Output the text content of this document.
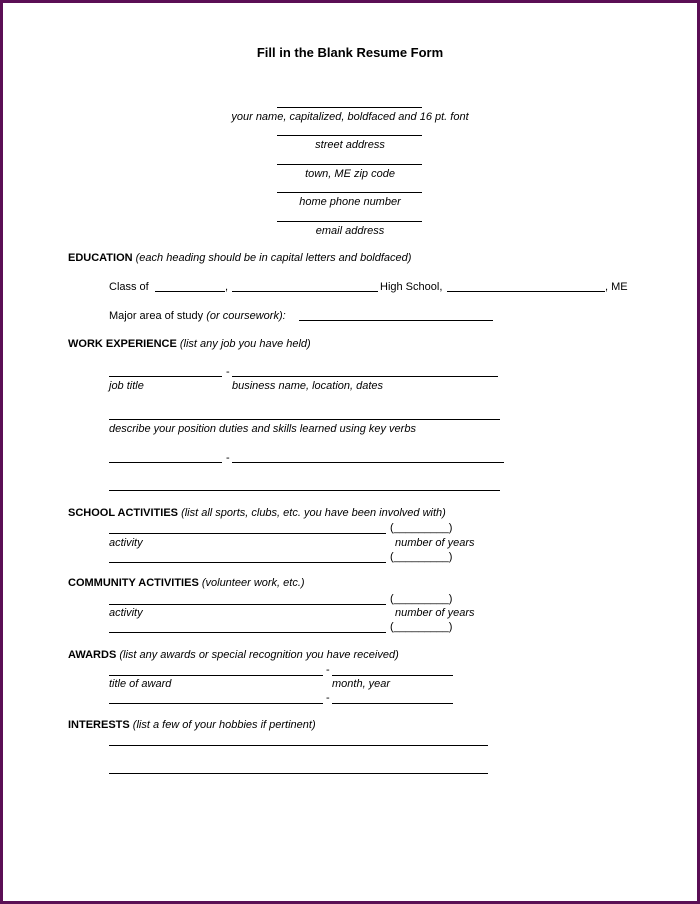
Fill in the Blank Resume Form
your name, capitalized, boldfaced and 16 pt. font
street address
town, ME zip code
home phone number
email address
EDUCATION (each heading should be in capital letters and boldfaced)
Class of	,	High School,	, ME
Major area of study (or coursework):
WORK EXPERIENCE (list any job you have held)
-
job title	business name, location, dates
describe your position duties and skills learned using key verbs
-
SCHOOL ACTIVITIES (list all sports, clubs, etc. you have been involved with)
(_________)
activity	number of years
(_________)
COMMUNITY ACTIVITIES (volunteer work, etc.)
(_________)
activity	number of years
(_________)
AWARDS (list any awards or special recognition you have received)
-
title of award	month, year
-
INTERESTS (list a few of your hobbies if pertinent)
